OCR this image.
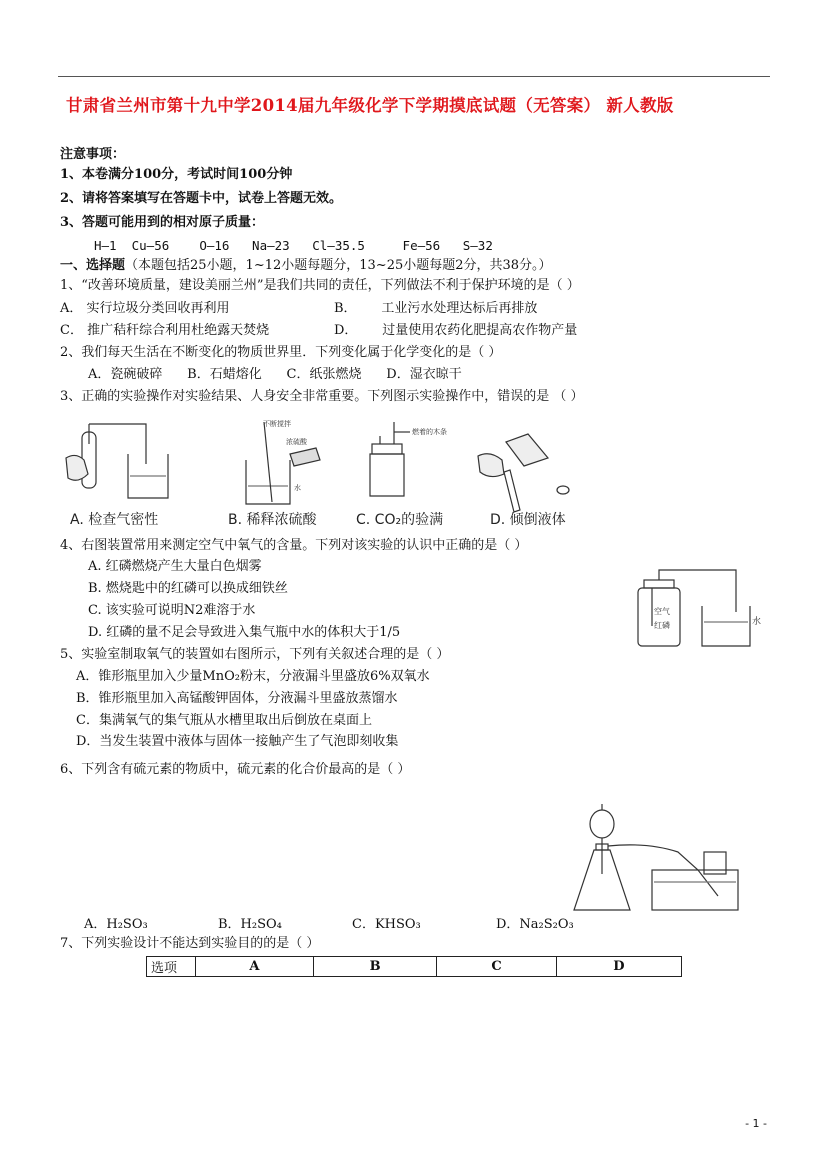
甘肃省兰州市第十九中学2014届九年级化学下学期摸底试题（无答案） 新人教版
注意事项：
1、本卷满分100分，考试时间100分钟
2、请将答案填写在答题卡中，试卷上答题无效。
3、答题可能用到的相对原子质量：
H—1  Cu—56    O—16   Na—23   Cl—35.5     Fe—56   S—32
一、选择题（本题包括25小题，1~12小题每题分，13~25小题每题2分，共38分。）
1、“改善环境质量，建设美丽兰州”是我们共同的责任，下列做法不利于保护环境的是（ ）
A． 实行垃圾分类回收再利用	B．      工业污水处理达标后再排放
C． 推广秸秆综合利用杜绝露天焚烧	D．      过量使用农药化肥提高农作物产量
2、我们每天生活在不断变化的物质世界里．下列变化属于化学变化的是（ ）
A．瓷碗破碎      B．石蜡熔化      C．纸张燃烧      D．湿衣晾干
3、正确的实验操作对实验结果、人身安全非常重要。下列图示实验操作中，错误的是 （ ）
不断搅拌
浓硫酸
水
燃着的木条
A. 检查气密性	B. 稀释浓硫酸	C. CO₂的验满	D. 倾倒液体
4、右图装置常用来测定空气中氧气的含量。下列对该实验的认识中正确的是（ ）
A. 红磷燃烧产生大量白色烟雾
B. 燃烧匙中的红磷可以换成细铁丝
C. 该实验可说明N2难溶于水
D. 红磷的量不足会导致进入集气瓶中水的体积大于1/5
空气
红磷	水
5、实验室制取氧气的装置如右图所示，下列有关叙述合理的是（ ）
A．锥形瓶里加入少量MnO₂粉末，分液漏斗里盛放6%双氧水
B．锥形瓶里加入高锰酸钾固体，分液漏斗里盛放蒸馏水
C．集满氧气的集气瓶从水槽里取出后倒放在桌面上
D．当发生装置中液体与固体一接触产生了气泡即刻收集
6、下列含有硫元素的物质中，硫元素的化合价最高的是（ ）
A．H₂SO₃	B．H₂SO₄	C．KHSO₃	D．Na₂S₂O₃
7、下列实验设计不能达到实验目的的是（ ）
选项	A	B	C	D
- 1 -
